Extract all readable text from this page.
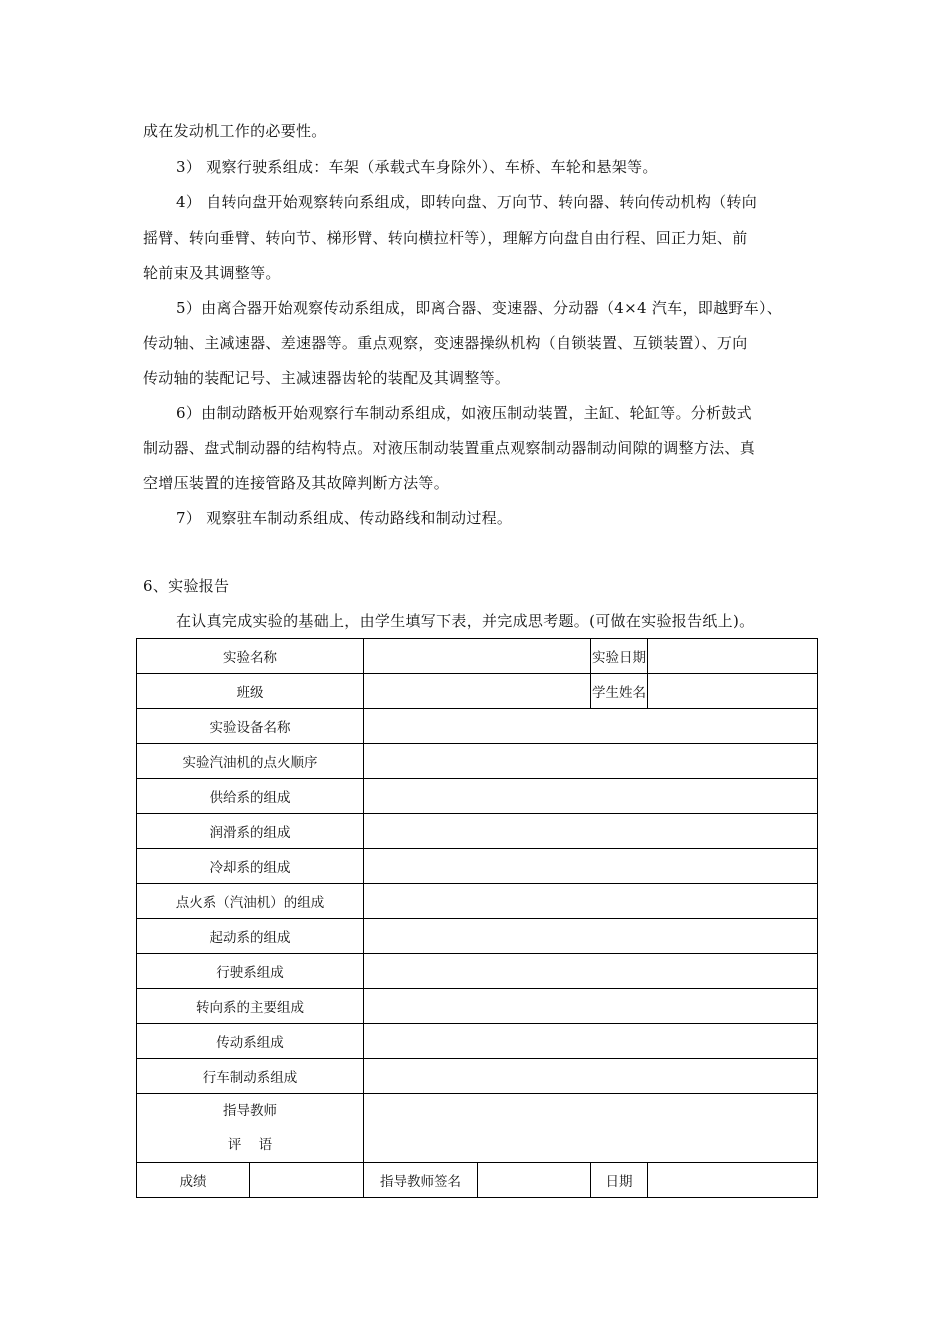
成在发动机工作的必要性。
3） 观察行驶系组成：车架（承载式车身除外）、车桥、车轮和悬架等。
4） 自转向盘开始观察转向系组成，即转向盘、万向节、转向器、转向传动机构（转向
摇臂、转向垂臂、转向节、梯形臂、转向横拉杆等），理解方向盘自由行程、回正力矩、前
轮前束及其调整等。
5）由离合器开始观察传动系组成，即离合器、变速器、分动器（4×4 汽车，即越野车）、
传动轴、主减速器、差速器等。重点观察，变速器操纵机构（自锁装置、互锁装置）、万向
传动轴的装配记号、主减速器齿轮的装配及其调整等。
6）由制动踏板开始观察行车制动系组成，如液压制动装置，主缸、轮缸等。分析鼓式
制动器、盘式制动器的结构特点。对液压制动装置重点观察制动器制动间隙的调整方法、真
空增压装置的连接管路及其故障判断方法等。
7） 观察驻车制动系组成、传动路线和制动过程。
6、实验报告
在认真完成实验的基础上，由学生填写下表，并完成思考题。(可做在实验报告纸上)。
实验名称				实验日期	
班级				学生姓名	
实验设备名称					
实验汽油机的点火顺序					
供给系的组成					
润滑系的组成					
冷却系的组成					
点火系（汽油机）的组成					
起动系的组成					
行驶系组成					
转向系的主要组成					
传动系组成					
行车制动系组成					

指导教师
评    语					

成绩		指导教师签名		日期	
